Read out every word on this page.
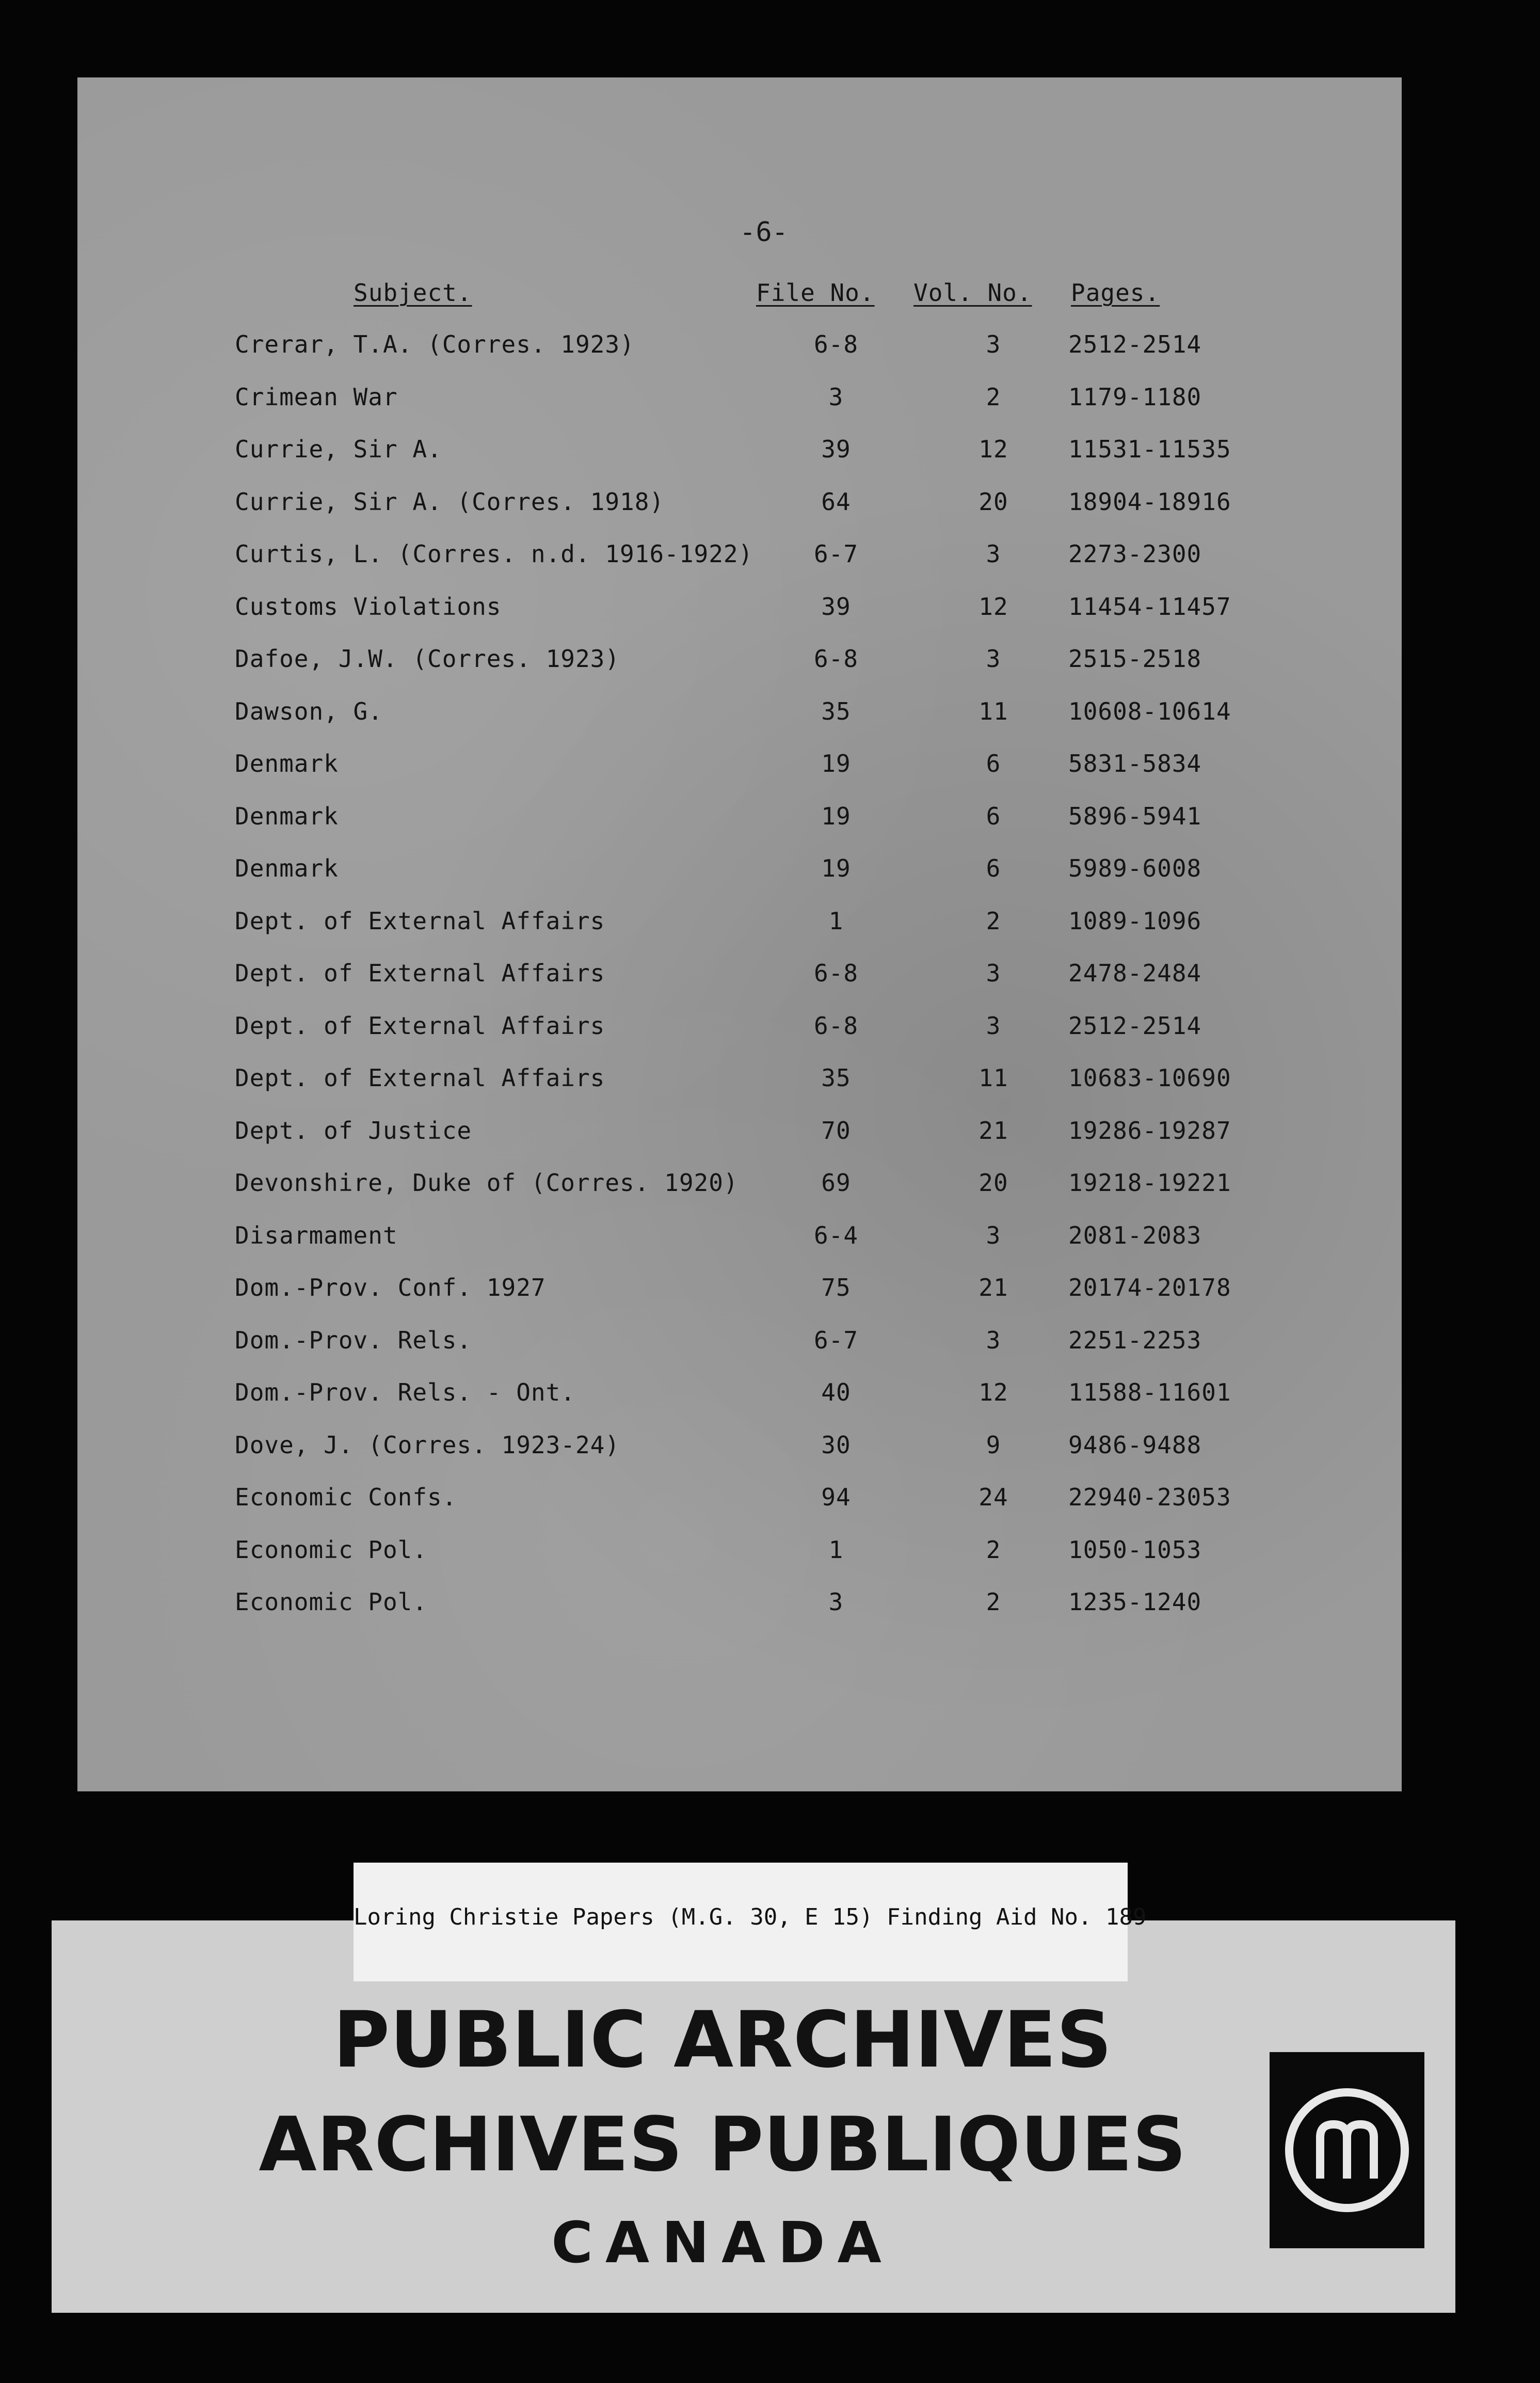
-6-
Subject.	File No. Vol. No. Pages.
Crerar, T.A. (Corres. 1923)	6-8	3	2512-2514
Crimean War	3	2	1179-1180
Currie, Sir A.	39	12	11531-11535
Currie, Sir A. (Corres. 1918)	64	20	18904-18916
Curtis, L. (Corres. n.d. 1916-1922)	6-7	3	2273-2300
Customs Violations	39	12	11454-11457
Dafoe, J.W. (Corres. 1923)	6-8	3	2515-2518
Dawson, G.	35	11	10608-10614
Denmark	19	6	5831-5834
Denmark	19	6	5896-5941
Denmark	19	6	5989-6008
Dept. of External Affairs	1	2	1089-1096
Dept. of External Affairs	6-8	3	2478-2484
Dept. of External Affairs	6-8	3	2512-2514
Dept. of External Affairs	35	11	10683-10690
Dept. of Justice	70	21	19286-19287
Devonshire, Duke of (Corres. 1920)	69	20	19218-19221
Disarmament	6-4	3	2081-2083
Dom.-Prov. Conf. 1927	75	21	20174-20178
Dom.-Prov. Rels.	6-7	3	2251-2253
Dom.-Prov. Rels. - Ont.	40	12	11588-11601
Dove, J. (Corres. 1923-24)	30	9	9486-9488
Economic Confs.	94	24	22940-23053
Economic Pol.	1	2	1050-1053
Economic Pol.	3	2	1235-1240
PUBLIC ARCHIVES
ARCHIVES PUBLIQUES
CANADA
Loring Christie Papers (M.G. 30, E 15) Finding Aid No. 189
